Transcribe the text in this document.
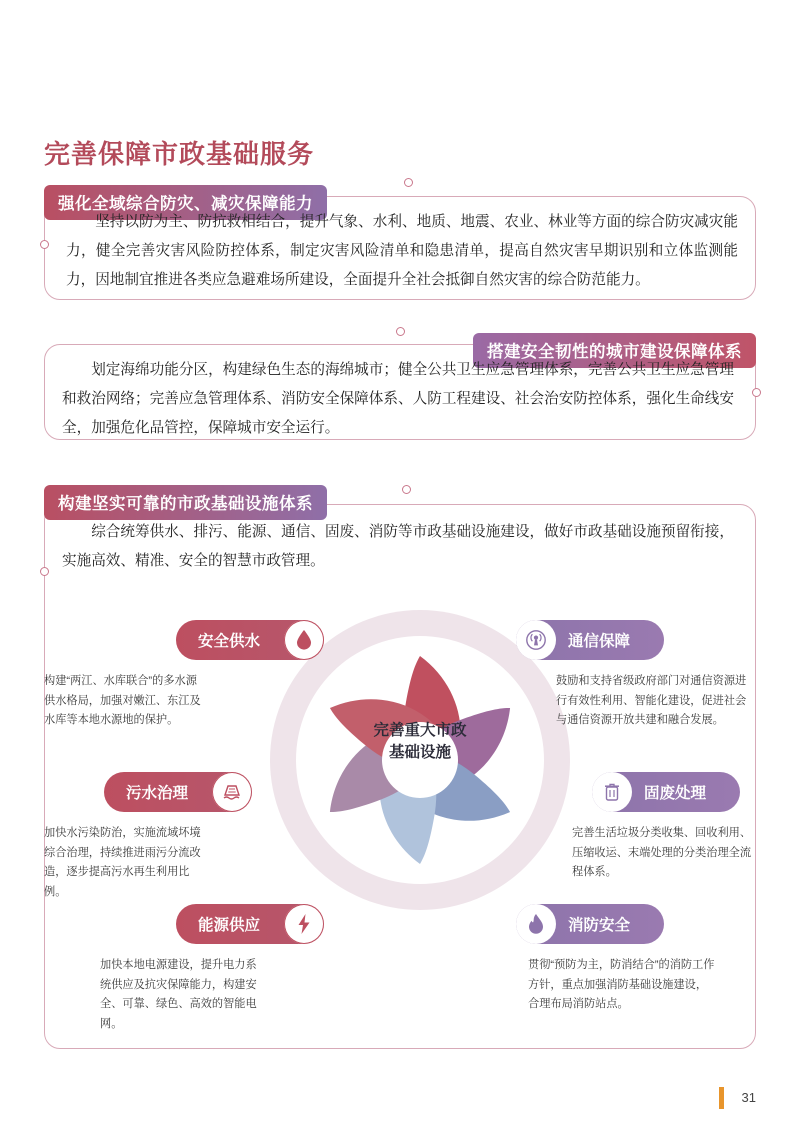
完善保障市政基础服务
强化全域综合防灾、减灾保障能力
坚持以防为主、防抗救相结合，提升气象、水利、地质、地震、农业、林业等方面的综合防灾减灾能力，健全完善灾害风险防控体系，制定灾害风险清单和隐患清单，提高自然灾害早期识别和立体监测能力，因地制宜推进各类应急避难场所建设，全面提升全社会抵御自然灾害的综合防范能力。
搭建安全韧性的城市建设保障体系
划定海绵功能分区，构建绿色生态的海绵城市；健全公共卫生应急管理体系，完善公共卫生应急管理和救治网络；完善应急管理体系、消防安全保障体系、人防工程建设、社会治安防控体系，强化生命线安全，加强危化品管控，保障城市安全运行。
构建坚实可靠的市政基础设施体系
综合统筹供水、排污、能源、通信、固废、消防等市政基础设施建设，做好市政基础设施预留衔接，实施高效、精准、安全的智慧市政管理。
完善重大市政
基础设施
安全供水
构建“两江、水库联合”的多水源供水格局，加强对嫩江、东江及水库等本地水源地的保护。
通信保障
鼓励和支持省级政府部门对通信资源进行有效性利用、智能化建设，促进社会与通信资源开放共建和融合发展。
污水治理
加快水污染防治，实施流域坏境综合治理，持续推进雨污分流改造，逐步提高污水再生利用比例。
固废处理
完善生活垃圾分类收集、回收利用、压缩收运、末端处理的分类治理全流程体系。
能源供应
加快本地电源建设，提升电力系统供应及抗灾保障能力，构建安全、可靠、绿色、高效的智能电网。
消防安全
贯彻“预防为主，防消结合”的消防工作方针，重点加强消防基础设施建设，合理布局消防站点。
31
